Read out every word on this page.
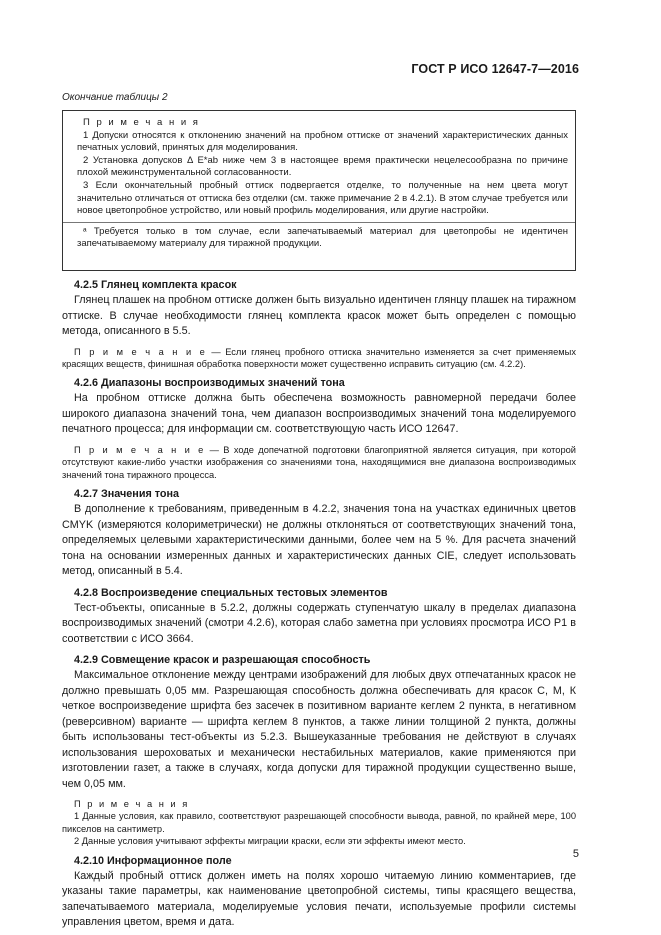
ГОСТ Р ИСО 12647-7—2016
Окончание таблицы 2
П р и м е ч а н и я
1 Допуски относятся к отклонению значений на пробном оттиске от значений характеристических данных печатных условий, принятых для моделирования.
2 Установка допусков Δ E*ab ниже чем 3 в настоящее время практически нецелесообразна по причине плохой межинструментальной согласованности.
3 Если окончательный пробный оттиск подвергается отделке, то полученные на нем цвета могут значительно отличаться от оттиска без отделки (см. также примечание 2 в 4.2.1). В этом случае требуется или новое цветопробное устройство, или новый профиль моделирования, или другие настройки.
ᵃ Требуется только в том случае, если запечатываемый материал для цветопробы не идентичен запечатываемому материалу для тиражной продукции.
4.2.5 Глянец комплекта красок

Глянец плашек на пробном оттиске должен быть визуально идентичен глянцу плашек на тиражном оттиске. В случае необходимости глянец комплекта красок может быть определен с помощью метода, описанного в 5.5.

П р и м е ч а н и е — Если глянец пробного оттиска значительно изменяется за счет применяемых красящих веществ, финишная обработка поверхности может существенно исправить ситуацию (см. 4.2.2).

4.2.6 Диапазоны воспроизводимых значений тона

На пробном оттиске должна быть обеспечена возможность равномерной передачи более широкого диапазона значений тона, чем диапазон воспроизводимых значений тона моделируемого печатного процесса; для информации см. соответствующую часть ИСО 12647.

П р и м е ч а н и е — В ходе допечатной подготовки благоприятной является ситуация, при которой отсутствуют какие-либо участки изображения со значениями тона, находящимися вне диапазона воспроизводимых значений тона тиражного процесса.

4.2.7 Значения тона

В дополнение к требованиям, приведенным в 4.2.2, значения тона на участках единичных цветов CMYK (измеряются колориметрически) не должны отклоняться от соответствующих значений тона, определяемых целевыми характеристическими данными, более чем на 5 %. Для расчета значений тона на основании измеренных данных и характеристических данных CIE, следует использовать метод, описанный в 5.4.

4.2.8 Воспроизведение специальных тестовых элементов

Тест-объекты, описанные в 5.2.2, должны содержать ступенчатую шкалу в пределах диапазона воспроизводимых значений (смотри 4.2.6), которая слабо заметна при условиях просмотра ИСО Р1 в соответствии с ИСО 3664.

4.2.9 Совмещение красок и разрешающая способность

Максимальное отклонение между центрами изображений для любых двух отпечатанных красок не должно превышать 0,05 мм. Разрешающая способность должна обеспечивать для красок С, М, К четкое воспроизведение шрифта без засечек в позитивном варианте кеглем 2 пункта, в негативном (реверсивном) варианте — шрифта кеглем 8 пунктов, а также линии толщиной 2 пункта, должны быть использованы тест-объекты из 5.2.3. Вышеуказанные требования не действуют в случаях использования шероховатых и механически нестабильных материалов, какие применяются при изготовлении газет, а также в случаях, когда допуски для тиражной продукции существенно выше, чем 0,05 мм.

П р и м е ч а н и я
1 Данные условия, как правило, соответствуют разрешающей способности вывода, равной, по крайней мере, 100 пикселов на сантиметр.
2 Данные условия учитывают эффекты миграции краски, если эти эффекты имеют место.
4.2.10 Информационное поле

Каждый пробный оттиск должен иметь на полях хорошо читаемую линию комментариев, где указаны такие параметры, как наименование цветопробной системы, типы красящего вещества, запечатываемого материала, моделируемые условия печати, используемые профили системы управления цветом, время и дата.

5
